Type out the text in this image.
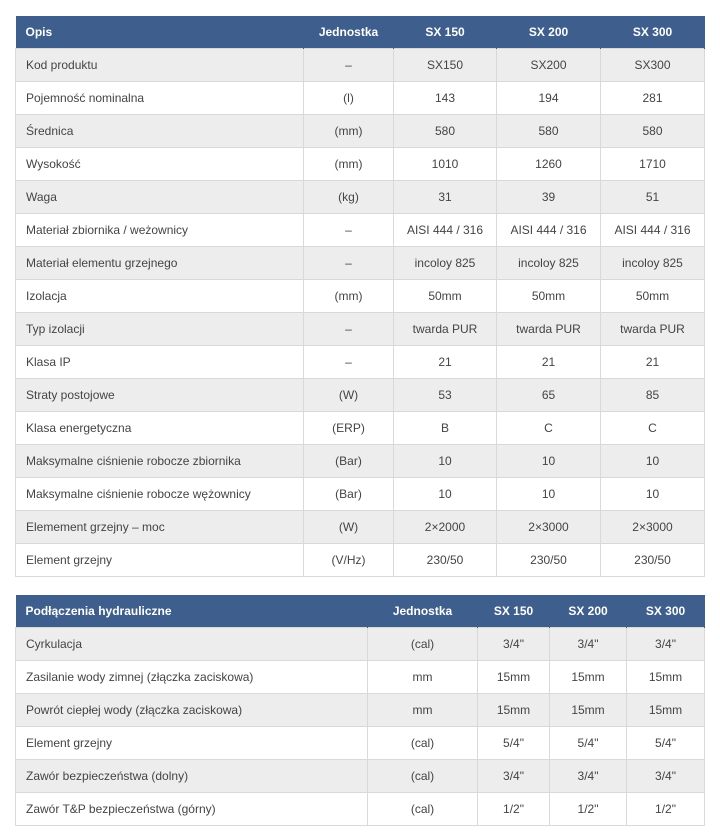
Opis	Jednostka	SX 150	SX 200	SX 300
Kod produktu	–	SX150	SX200	SX300
Pojemność nominalna	(l)	143	194	281
Średnica	(mm)	580	580	580
Wysokość	(mm)	1010	1260	1710
Waga	(kg)	31	39	51
Materiał zbiornika / weżownicy	–	AISI 444 / 316	AISI 444 / 316	AISI 444 / 316
Materiał elementu grzejnego	–	incoloy 825	incoloy 825	incoloy 825
Izolacja	(mm)	50mm	50mm	50mm
Typ izolacji	–	twarda PUR	twarda PUR	twarda PUR
Klasa IP	–	21	21	21
Straty postojowe	(W)	53	65	85
Klasa energetyczna	(ERP)	B	C	C
Maksymalne ciśnienie robocze zbiornika	(Bar)	10	10	10
Maksymalne ciśnienie robocze wężownicy	(Bar)	10	10	10
Elemement grzejny – moc	(W)	2×2000	2×3000	2×3000
Element grzejny	(V/Hz)	230/50	230/50	230/50
Podłączenia hydrauliczne	Jednostka	SX 150	SX 200	SX 300
Cyrkulacja	(cal)	3/4"	3/4"	3/4"
Zasilanie wody zimnej (złączka zaciskowa)	mm	15mm	15mm	15mm
Powrót ciepłej wody (złączka zaciskowa)	mm	15mm	15mm	15mm
Element grzejny	(cal)	5/4"	5/4"	5/4"
Zawór bezpieczeństwa (dolny)	(cal)	3/4"	3/4"	3/4"
Zawór T&P bezpieczeństwa (górny)	(cal)	1/2"	1/2"	1/2"
